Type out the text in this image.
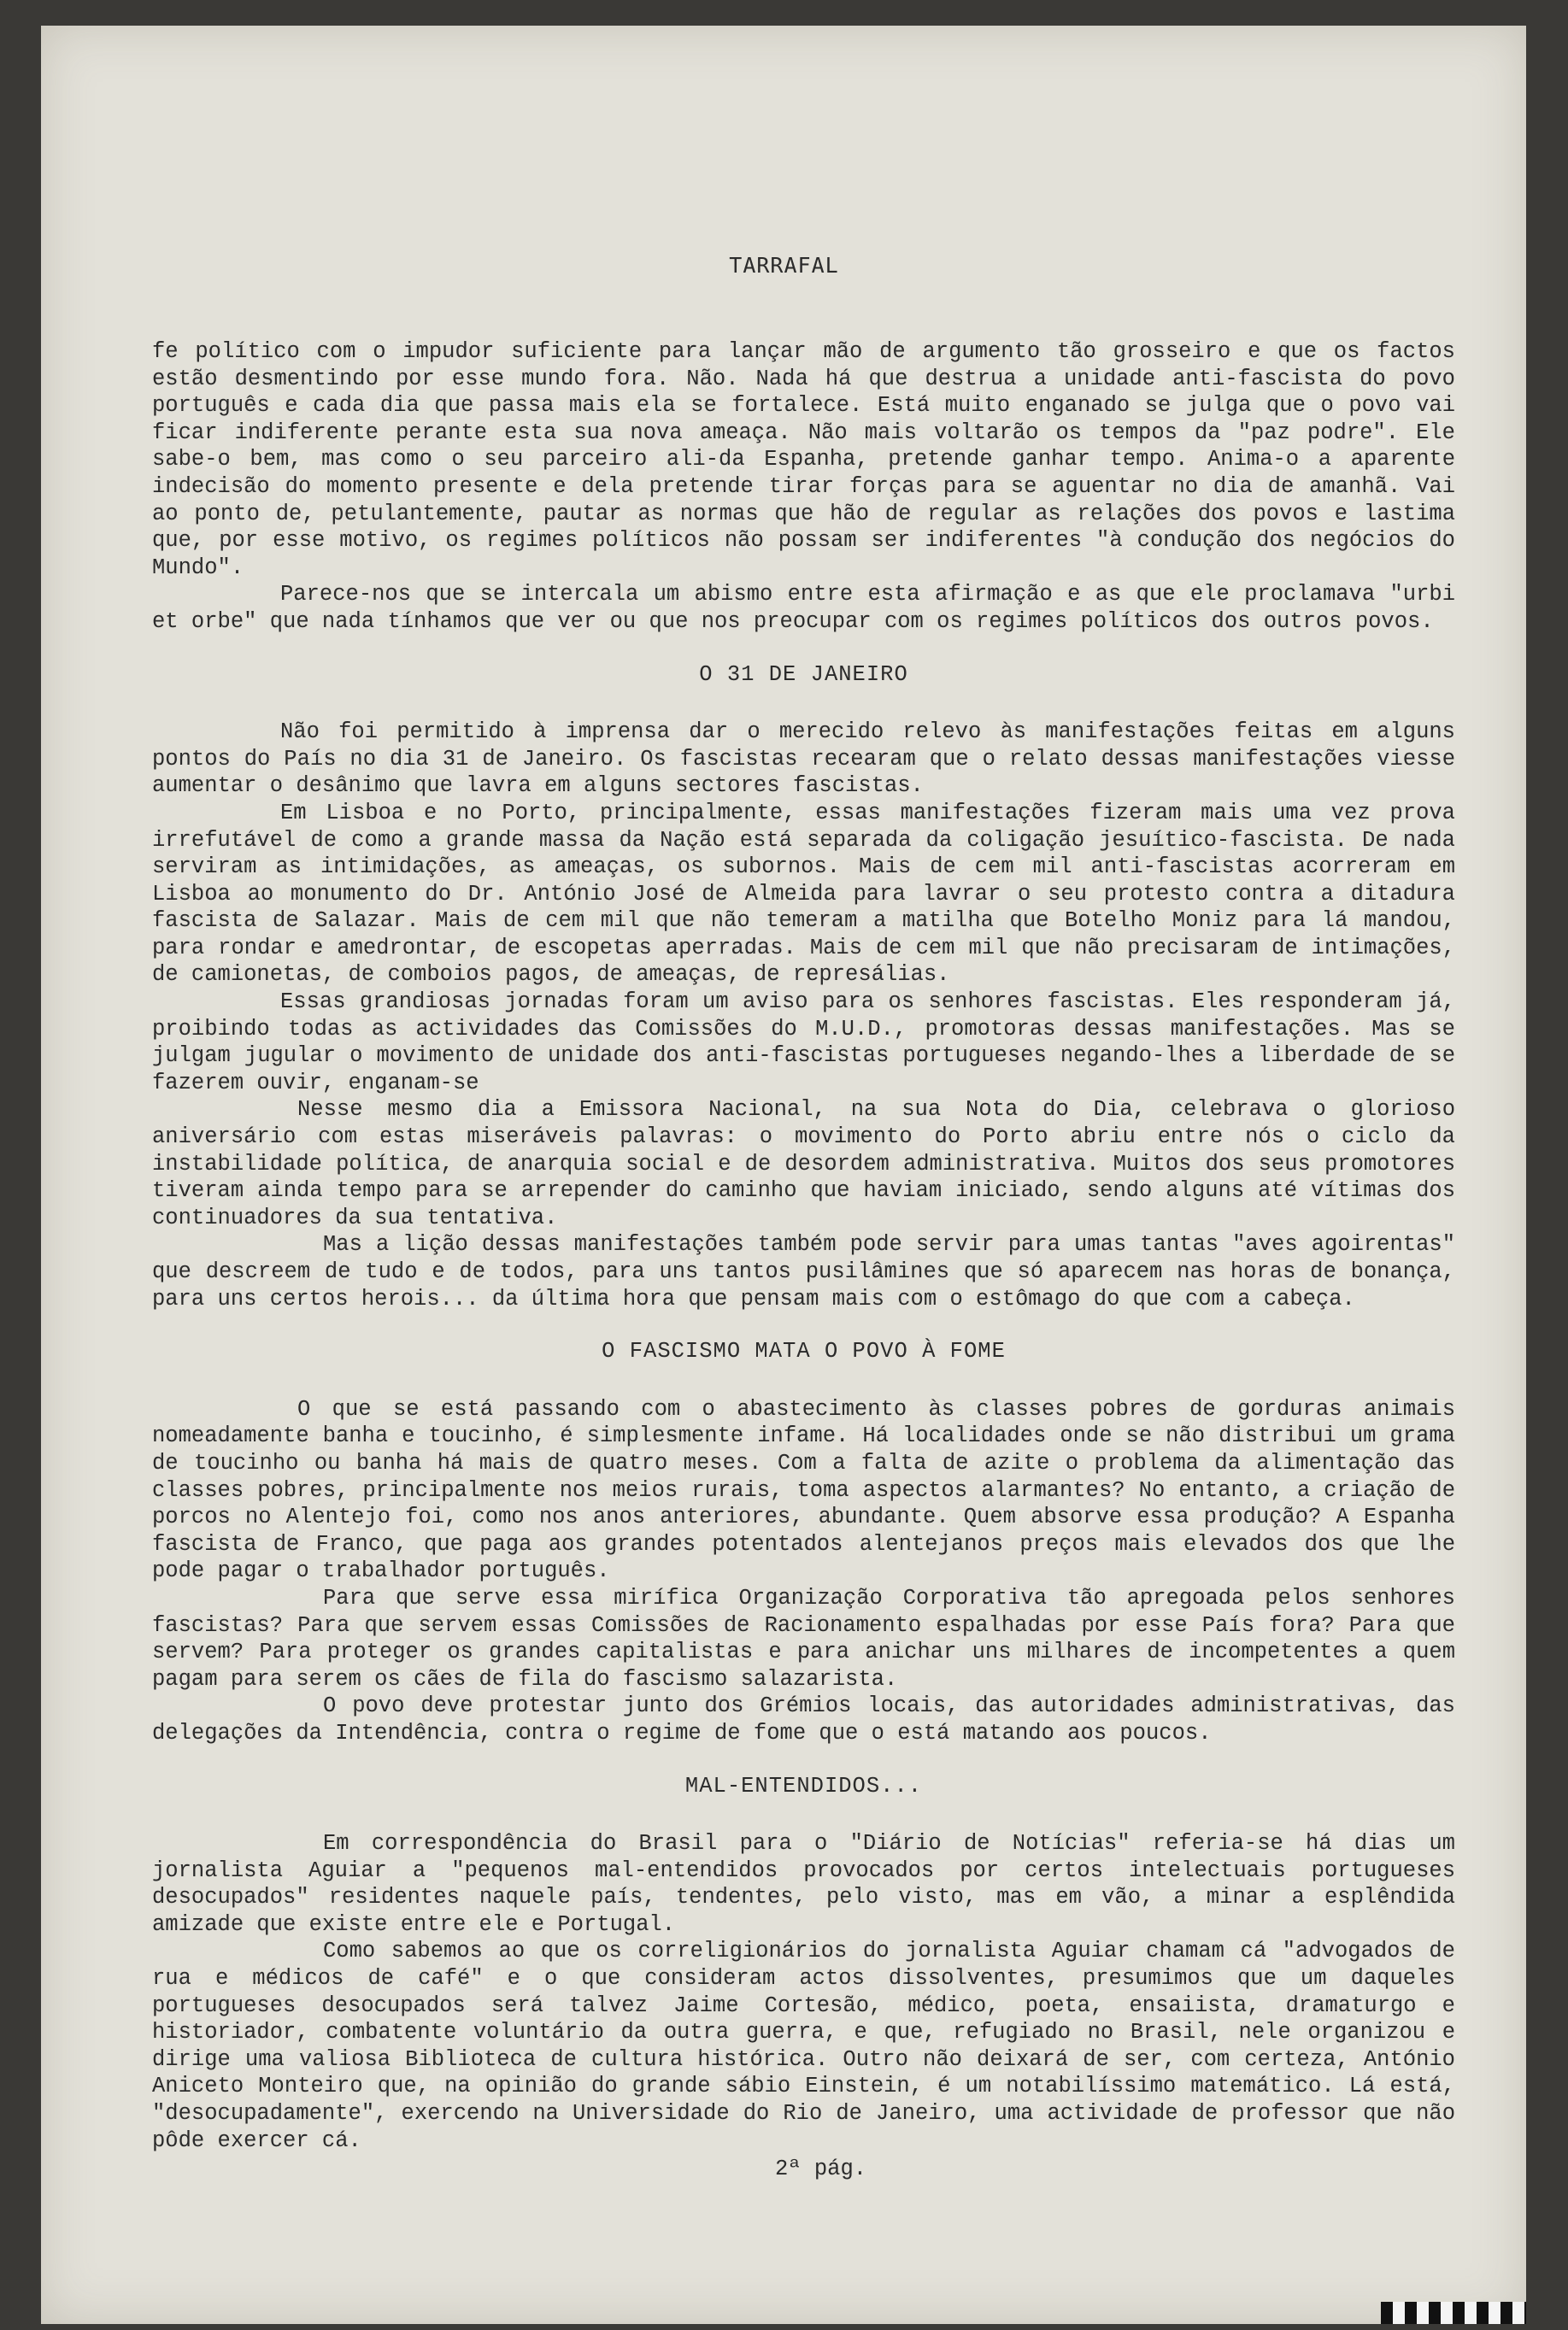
TARRAFAL

fe político com o impudor suficiente para lançar mão de argumento tão grosseiro e que os factos estão desmentindo por esse mundo fora. Não. Nada há que destrua a unidade anti-fascista do povo português e cada dia que passa mais ela se fortalece. Está muito enganado se julga que o povo vai ficar indiferente perante esta sua nova ameaça. Não mais voltarão os tempos da "paz podre". Ele sabe-o bem, mas como o seu parceiro ali-da Espanha, pretende ganhar tempo. Anima-o a aparente indecisão do momento presente e dela pretende tirar forças para se aguentar no dia de amanhã. Vai ao ponto de, petulantemente, pautar as normas que hão de regular as relações dos povos e lastima que, por esse motivo, os regimes políticos não possam ser indiferentes "à condução dos negócios do Mundo".

Parece-nos que se intercala um abismo entre esta afirmação e as que ele proclamava "urbi et orbe" que nada tínhamos que ver ou que nos preocupar com os regimes políticos dos outros povos.

O 31 DE JANEIRO

Não foi permitido à imprensa dar o merecido relevo às manifestações feitas em alguns pontos do País no dia 31 de Janeiro. Os fascistas recearam que o relato dessas manifestações viesse aumentar o desânimo que lavra em alguns sectores fascistas.

Em Lisboa e no Porto, principalmente, essas manifestações fizeram mais uma vez prova irrefutável de como a grande massa da Nação está separada da coligação jesuítico-fascista. De nada serviram as intimidações, as ameaças, os subornos. Mais de cem mil anti-fascistas acorreram em Lisboa ao monumento do Dr. António José de Almeida para lavrar o seu protesto contra a ditadura fascista de Salazar. Mais de cem mil que não temeram a matilha que Botelho Moniz para lá mandou, para rondar e amedrontar, de escopetas aperradas. Mais de cem mil que não precisaram de intimações, de camionetas, de comboios pagos, de ameaças, de represálias.

Essas grandiosas jornadas foram um aviso para os senhores fascistas. Eles responderam já, proibindo todas as actividades das Comissões do M.U.D., promotoras dessas manifestações. Mas se julgam jugular o movimento de unidade dos anti-fascistas portugueses negando-lhes a liberdade de se fazerem ouvir, enganam-se

Nesse mesmo dia a Emissora Nacional, na sua Nota do Dia, celebrava o glorioso aniversário com estas miseráveis palavras: o movimento do Porto abriu entre nós o ciclo da instabilidade política, de anarquia social e de desordem administrativa. Muitos dos seus promotores tiveram ainda tempo para se arrepender do caminho que haviam iniciado, sendo alguns até vítimas dos continuadores da sua tentativa.

Mas a lição dessas manifestações também pode servir para umas tantas "aves agoirentas" que descreem de tudo e de todos, para uns tantos pusilâmines que só aparecem nas horas de bonança, para uns certos herois... da última hora que pensam mais com o estômago do que com a cabeça.

O FASCISMO MATA O POVO À FOME

O que se está passando com o abastecimento às classes pobres de gorduras animais nomeadamente banha e toucinho, é simplesmente infame. Há localidades onde se não distribui um grama de toucinho ou banha há mais de quatro meses. Com a falta de azite o problema da alimentação das classes pobres, principalmente nos meios rurais, toma aspectos alarmantes? No entanto, a criação de porcos no Alentejo foi, como nos anos anteriores, abundante. Quem absorve essa produção? A Espanha fascista de Franco, que paga aos grandes potentados alentejanos preços mais elevados dos que lhe pode pagar o trabalhador português.

Para que serve essa mirífica Organização Corporativa tão apregoada pelos senhores fascistas? Para que servem essas Comissões de Racionamento espalhadas por esse País fora? Para que servem? Para proteger os grandes capitalistas e para anichar uns milhares de incompetentes a quem pagam para serem os cães de fila do fascismo salazarista.

O povo deve protestar junto dos Grémios locais, das autoridades administrativas, das delegações da Intendência, contra o regime de fome que o está matando aos poucos.

MAL-ENTENDIDOS...

Em correspondência do Brasil para o "Diário de Notícias" referia-se há dias um jornalista Aguiar a "pequenos mal-entendidos provocados por certos intelectuais portugueses desocupados" residentes naquele país, tendentes, pelo visto, mas em vão, a minar a esplêndida amizade que existe entre ele e Portugal.

Como sabemos ao que os correligionários do jornalista Aguiar chamam cá "advogados de rua e médicos de café" e o que consideram actos dissolventes, presumimos que um daqueles portugueses desocupados será talvez Jaime Cortesão, médico, poeta, ensaiista, dramaturgo e historiador, combatente voluntário da outra guerra, e que, refugiado no Brasil, nele organizou e dirige uma valiosa Biblioteca de cultura histórica. Outro não deixará de ser, com certeza, António Aniceto Monteiro que, na opinião do grande sábio Einstein, é um notabilíssimo matemático. Lá está, "desocupadamente", exercendo na Universidade do Rio de Janeiro, uma actividade de professor que não pôde exercer cá.

2ª pág.
